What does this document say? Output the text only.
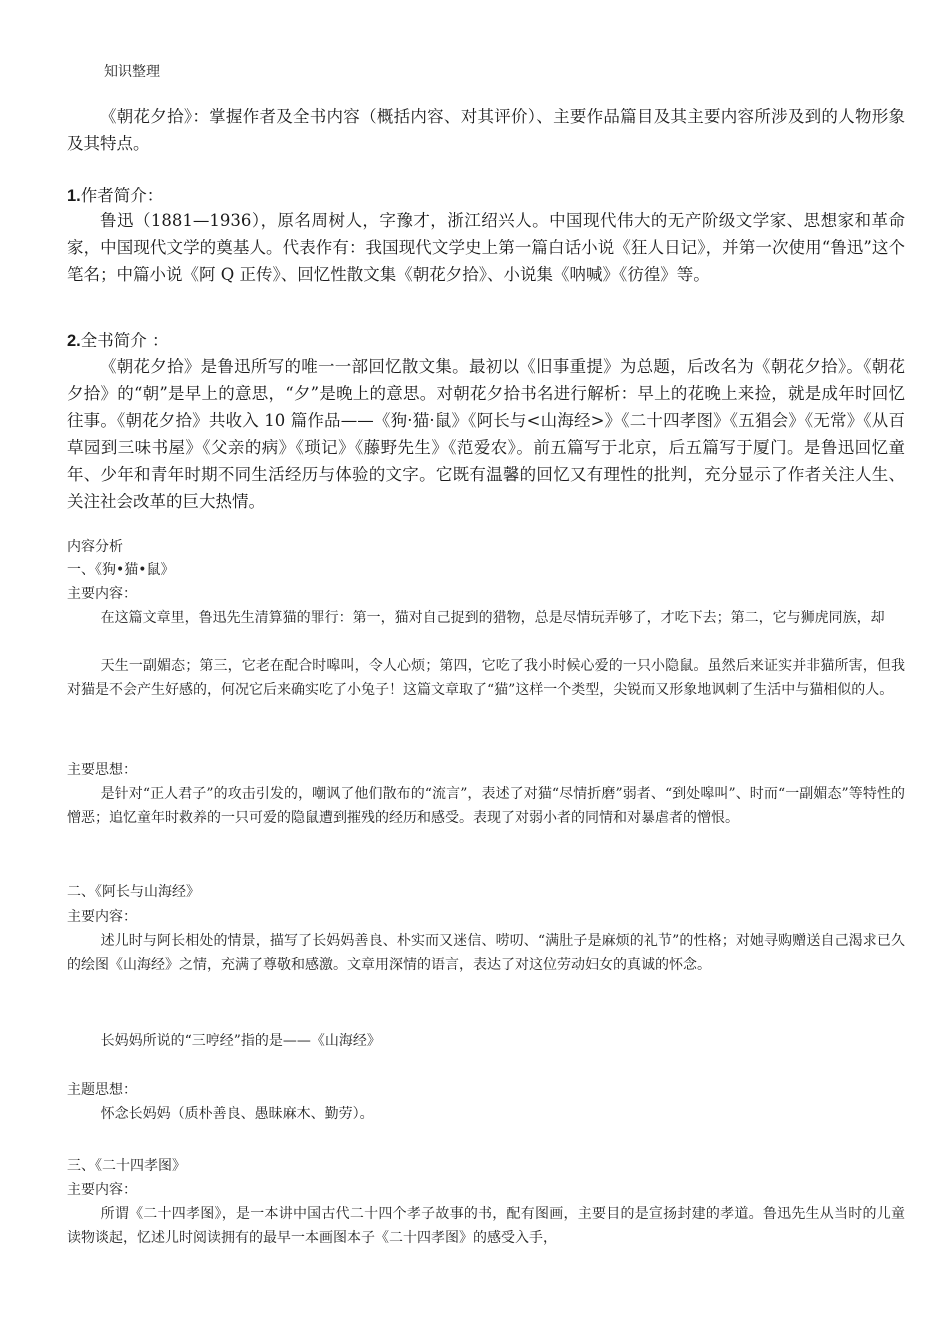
知识整理

《朝花夕拾》：掌握作者及全书内容（概括内容、对其评价）、主要作品篇目及其主要内容所涉及到的人物形象及其特点。

1.作者简介：

鲁迅（1881—1936），原名周树人，字豫才，浙江绍兴人。中国现代伟大的无产阶级文学家、思想家和革命家，中国现代文学的奠基人。代表作有：我国现代文学史上第一篇白话小说《狂人日记》，并第一次使用“鲁迅”这个笔名；中篇小说《阿 Q 正传》、回忆性散文集《朝花夕拾》、小说集《呐喊》《彷徨》等。

2.全书简介 ：

《朝花夕拾》是鲁迅所写的唯一一部回忆散文集。最初以《旧事重提》为总题，后改名为《朝花夕拾》。《朝花夕拾》的“朝”是早上的意思，“夕”是晚上的意思。对朝花夕拾书名进行解析：早上的花晚上来捡，就是成年时回忆往事。《朝花夕拾》共收入 10 篇作品——《狗·猫·鼠》《阿长与<山海经>》《二十四孝图》《五猖会》《无常》《从百草园到三味书屋》《父亲的病》《琐记》《藤野先生》《范爱农》。前五篇写于北京，后五篇写于厦门。是鲁迅回忆童年、少年和青年时期不同生活经历与体验的文字。它既有温馨的回忆又有理性的批判，充分显示了作者关注人生、关注社会改革的巨大热情。

内容分析

一、《狗•猫•鼠》

主要内容：

在这篇文章里，鲁迅先生清算猫的罪行：第一，猫对自己捉到的猎物，总是尽情玩弄够了，才吃下去；第二，它与狮虎同族，却

天生一副媚态；第三，它老在配合时嗥叫，令人心烦；第四，它吃了我小时候心爱的一只小隐鼠。虽然后来证实并非猫所害，但我对猫是不会产生好感的，何况它后来确实吃了小兔子！这篇文章取了“猫”这样一个类型，尖锐而又形象地讽刺了生活中与猫相似的人。

主要思想：

是针对“正人君子”的攻击引发的，嘲讽了他们散布的“流言”，表述了对猫“尽情折磨”弱者、“到处嗥叫”、时而“一副媚态”等特性的憎恶；追忆童年时救养的一只可爱的隐鼠遭到摧残的经历和感受。表现了对弱小者的同情和对暴虐者的憎恨。

二、《阿长与山海经》

主要内容：

述儿时与阿长相处的情景，描写了长妈妈善良、朴实而又迷信、唠叨、“满肚子是麻烦的礼节”的性格；对她寻购赠送自己渴求已久的绘图《山海经》之情，充满了尊敬和感激。文章用深情的语言，表达了对这位劳动妇女的真诚的怀念。

长妈妈所说的“三哼经”指的是——《山海经》

主题思想：

怀念长妈妈（质朴善良、愚昧麻木、勤劳）。

三、《二十四孝图》

主要内容：

所谓《二十四孝图》，是一本讲中国古代二十四个孝子故事的书，配有图画，主要目的是宣扬封建的孝道。鲁迅先生从当时的儿童读物谈起，忆述儿时阅读拥有的最早一本画图本子《二十四孝图》的感受入手，
